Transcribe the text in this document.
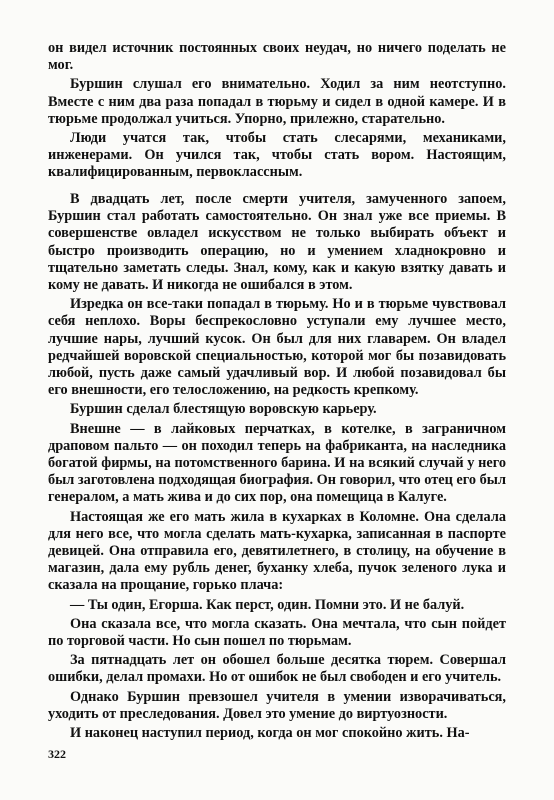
он видел источник постоянных своих неудач, но ничего поделать не мог.

Буршин слушал его внимательно. Ходил за ним неотступно. Вместе с ним два раза попадал в тюрьму и сидел в одной камере. И в тюрьме продолжал учиться. Упорно, прилежно, старательно.

Люди учатся так, чтобы стать слесарями, механиками, инженерами. Он учился так, чтобы стать вором. Настоящим, квалифицированным, первоклассным.

В двадцать лет, после смерти учителя, замученного запоем, Буршин стал работать самостоятельно. Он знал уже все приемы. В совершенстве овладел искусством не только выбирать объект и быстро производить операцию, но и умением хладнокровно и тщательно заметать следы. Знал, кому, как и какую взятку давать и кому не давать. И никогда не ошибался в этом.

Изредка он все-таки попадал в тюрьму. Но и в тюрьме чувствовал себя неплохо. Воры беспрекословно уступали ему лучшее место, лучшие нары, лучший кусок. Он был для них главарем. Он владел редчайшей воровской специальностью, которой мог бы позавидовать любой, пусть даже самый удачливый вор. И любой позавидовал бы его внешности, его телосложению, на редкость крепкому.

Буршин сделал блестящую воровскую карьеру.

Внешне — в лайковых перчатках, в котелке, в заграничном драповом пальто — он походил теперь на фабриканта, на наследника богатой фирмы, на потомственного барина. И на всякий случай у него был заготовлена подходящая биография. Он говорил, что отец его был генералом, а мать жива и до сих пор, она помещица в Калуге.

Настоящая же его мать жила в кухарках в Коломне. Она сделала для него все, что могла сделать мать-кухарка, записанная в паспорте девицей. Она отправила его, девятилетнего, в столицу, на обучение в магазин, дала ему рубль денег, буханку хлеба, пучок зеленого лука и сказала на прощание, горько плача:

— Ты один, Егорша. Как перст, один. Помни это. И не балуй.

Она сказала все, что могла сказать. Она мечтала, что сын пойдет по торговой части. Но сын пошел по тюрьмам.

За пятнадцать лет он обошел больше десятка тюрем. Совершал ошибки, делал промахи. Но от ошибок не был свободен и его учитель.

Однако Буршин превзошел учителя в умении изворачиваться, уходить от преследования. Довел это умение до виртуозности.

И наконец наступил период, когда он мог спокойно жить. На-

322
